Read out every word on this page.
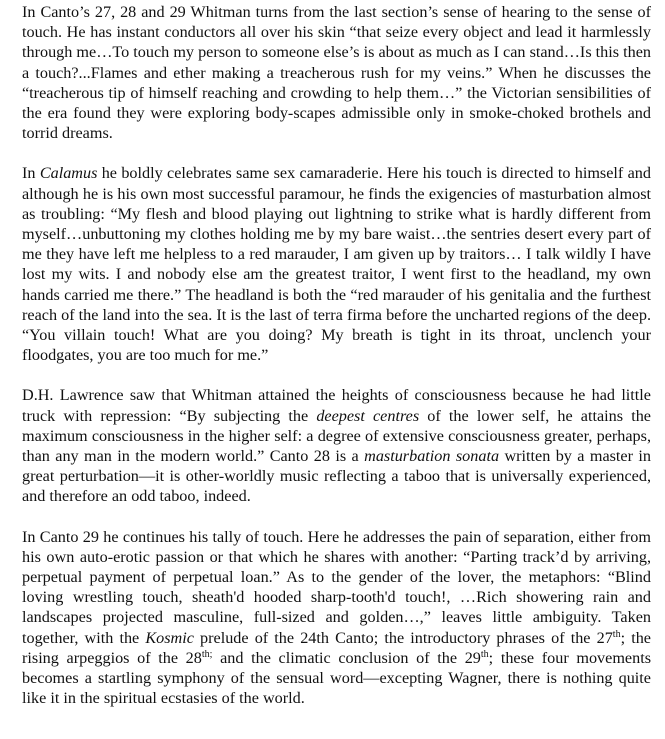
In Canto’s 27, 28 and 29 Whitman turns from the last section’s sense of hearing to the sense of touch. He has instant conductors all over his skin “that seize every object and lead it harmlessly through me…To touch my person to someone else’s is about as much as I can stand…Is this then a touch?...Flames and ether making a treacherous rush for my veins.” When he discusses the “treacherous tip of himself reaching and crowding to help them…” the Victorian sensibilities of the era found they were exploring body-scapes admissible only in smoke-choked brothels and torrid dreams.

In Calamus he boldly celebrates same sex camaraderie. Here his touch is directed to himself and although he is his own most successful paramour, he finds the exigencies of masturbation almost as troubling: “My flesh and blood playing out lightning to strike what is hardly different from myself…unbuttoning my clothes holding me by my bare waist…the sentries desert every part of me they have left me helpless to a red marauder, I am given up by traitors… I talk wildly I have lost my wits. I and nobody else am the greatest traitor, I went first to the headland, my own hands carried me there.” The headland is both the “red marauder of his genitalia and the furthest reach of the land into the sea. It is the last of terra firma before the uncharted regions of the deep. “You villain touch! What are you doing? My breath is tight in its throat, unclench your floodgates, you are too much for me.”

D.H. Lawrence saw that Whitman attained the heights of consciousness because he had little truck with repression: “By subjecting the deepest centres of the lower self, he attains the maximum consciousness in the higher self: a degree of extensive consciousness greater, perhaps, than any man in the modern world.” Canto 28 is a masturbation sonata written by a master in great perturbation—it is other-worldly music reflecting a taboo that is universally experienced, and therefore an odd taboo, indeed.

In Canto 29 he continues his tally of touch. Here he addresses the pain of separation, either from his own auto-erotic passion or that which he shares with another: “Parting track’d by arriving, perpetual payment of perpetual loan.” As to the gender of the lover, the metaphors: “Blind loving wrestling touch, sheath'd hooded sharp-tooth'd touch!, …Rich showering rain and landscapes projected masculine, full-sized and golden…,” leaves little ambiguity. Taken together, with the Kosmic prelude of the 24th Canto; the introductory phrases of the 27th; the rising arpeggios of the $28^{th;}$ and the climatic conclusion of the 29th; these four movements becomes a startling symphony of the sensual word—excepting Wagner, there is nothing quite like it in the spiritual ecstasies of the world.
